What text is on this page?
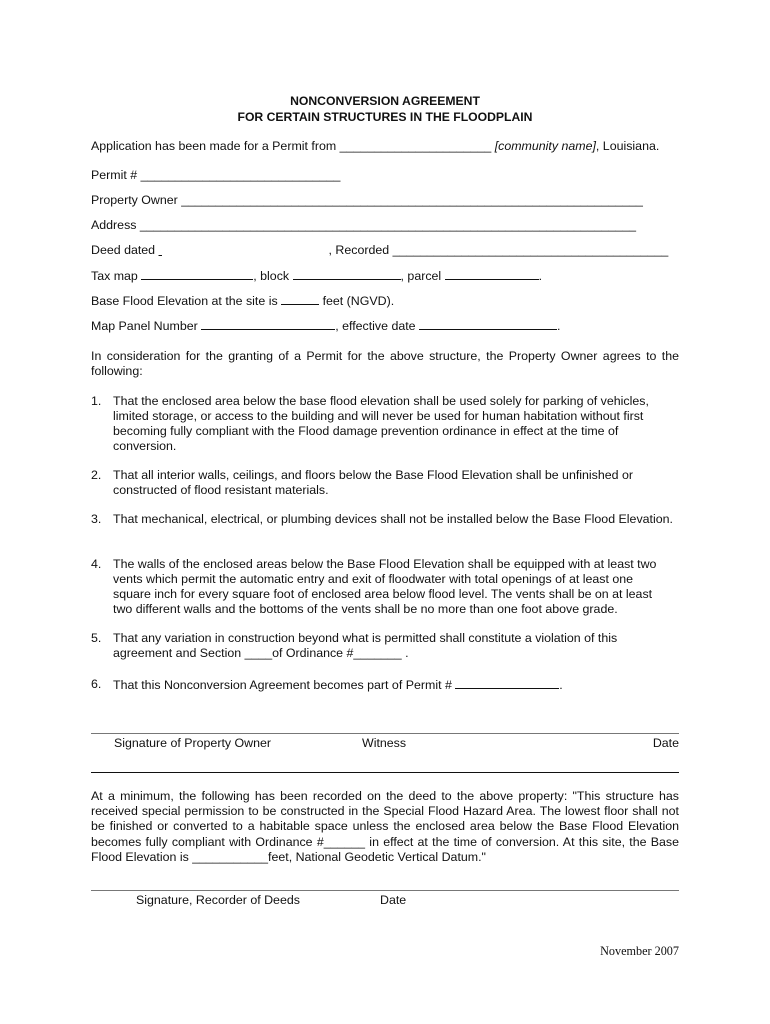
NONCONVERSION AGREEMENT
FOR CERTAIN STRUCTURES IN THE FLOODPLAIN
Application has been made for a Permit from ______________________ [community name], Louisiana.
Permit # _____________________________
Property Owner ___________________________________________________________________
Address ________________________________________________________________________
Deed dated	, Recorded ________________________________________
Tax map	, block	, parcel	.
Base Flood Elevation at the site is	feet (NGVD).
Map Panel Number	, effective date	.
In consideration for the granting of a Permit for the above structure, the Property Owner agrees to the following:
1. That the enclosed area below the base flood elevation shall be used solely for parking of vehicles, limited storage, or access to the building and will never be used for human habitation without first becoming fully compliant with the Flood damage prevention ordinance in effect at the time of conversion.
2. That all interior walls, ceilings, and floors below the Base Flood Elevation shall be unfinished or constructed of flood resistant materials.
3. That mechanical, electrical, or plumbing devices shall not be installed below the Base Flood Elevation.
4. The walls of the enclosed areas below the Base Flood Elevation shall be equipped with at least two vents which permit the automatic entry and exit of floodwater with total openings of at least one square inch for every square foot of enclosed area below flood level. The vents shall be on at least two different walls and the bottoms of the vents shall be no more than one foot above grade.
5. That any variation in construction beyond what is permitted shall constitute a violation of this agreement and Section ____of Ordinance #_______ .
6. That this Nonconversion Agreement becomes part of Permit #	.
Signature of Property Owner	Witness	Date
At a minimum, the following has been recorded on the deed to the above property: "This structure has received special permission to be constructed in the Special Flood Hazard Area. The lowest floor shall not be finished or converted to a habitable space unless the enclosed area below the Base Flood Elevation becomes fully compliant with Ordinance #______ in effect at the time of conversion. At this site, the Base Flood Elevation is ___________feet, National Geodetic Vertical Datum."
Signature, Recorder of Deeds	Date
November 2007
